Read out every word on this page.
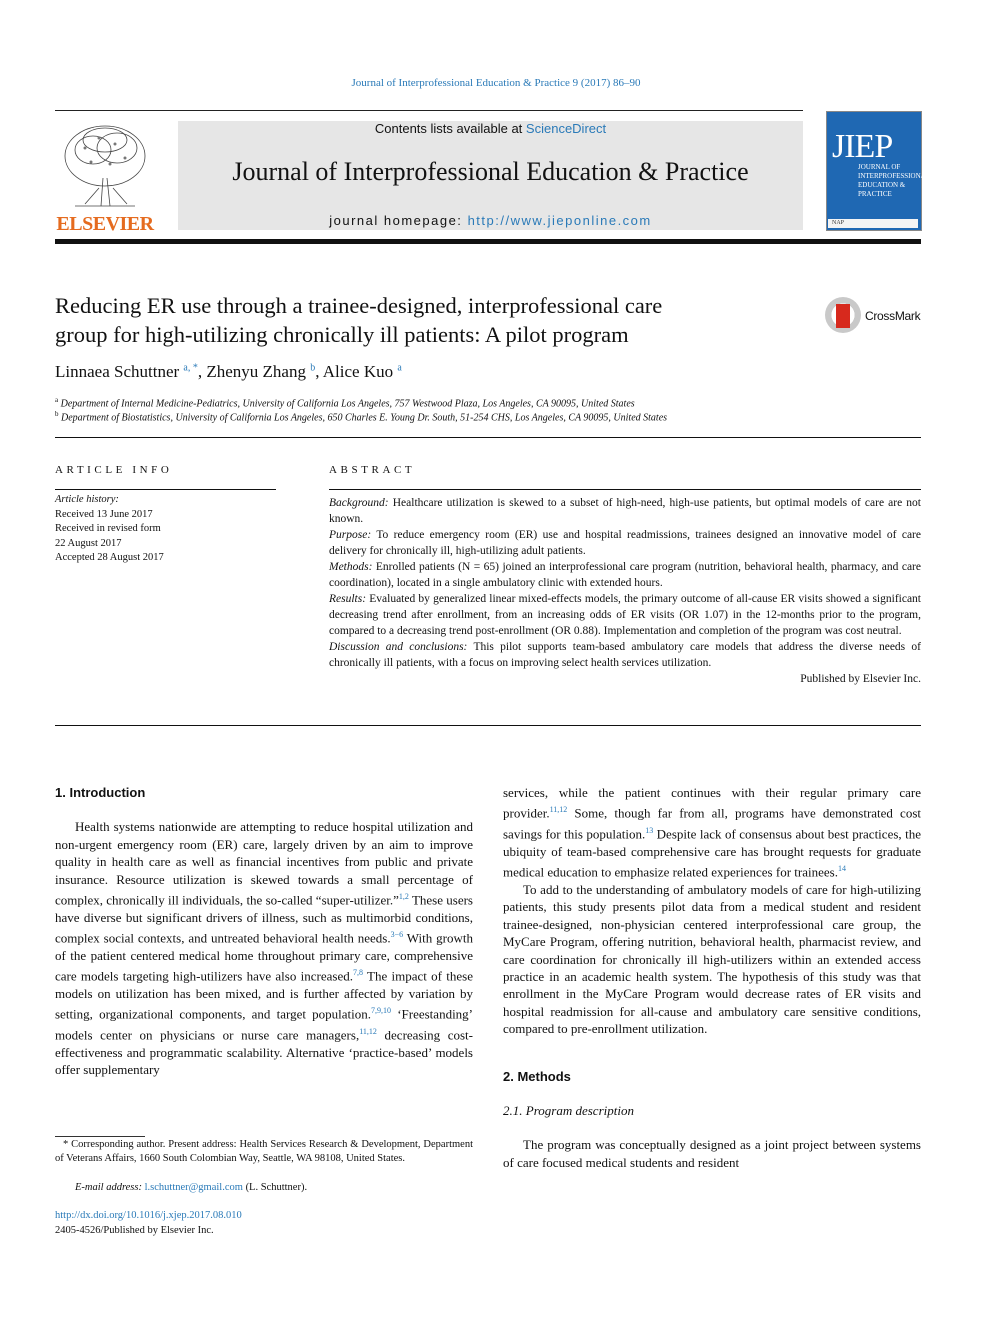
Journal of Interprofessional Education & Practice 9 (2017) 86–90
ELSEVIER
Contents lists available at ScienceDirect
Journal of Interprofessional Education & Practice
journal homepage: http://www.jieponline.com
JIEP
JOURNAL OF
INTERPROFESSIONAL
EDUCATION &
PRACTICE
NAP
Reducing ER use through a trainee-designed, interprofessional care
group for high-utilizing chronically ill patients: A pilot program
CrossMark
Linnaea Schuttner $^{a, *}$, Zhenyu Zhang $^b$, Alice Kuo $^a$
$^a$ Department of Internal Medicine-Pediatrics, University of California Los Angeles, 757 Westwood Plaza, Los Angeles, CA 90095, United States
$^b$ Department of Biostatistics, University of California Los Angeles, 650 Charles E. Young Dr. South, 51-254 CHS, Los Angeles, CA 90095, United States
ARTICLE INFO
Article history:
Received 13 June 2017
Received in revised form
22 August 2017
Accepted 28 August 2017
ABSTRACT

Background: Healthcare utilization is skewed to a subset of high-need, high-use patients, but optimal models of care are not known.

Purpose: To reduce emergency room (ER) use and hospital readmissions, trainees designed an innovative model of care delivery for chronically ill, high-utilizing adult patients.

Methods: Enrolled patients (N = 65) joined an interprofessional care program (nutrition, behavioral health, pharmacy, and care coordination), located in a single ambulatory clinic with extended hours.

Results: Evaluated by generalized linear mixed-effects models, the primary outcome of all-cause ER visits showed a significant decreasing trend after enrollment, from an increasing odds of ER visits (OR 1.07) in the 12-months prior to the program, compared to a decreasing trend post-enrollment (OR 0.88). Implementation and completion of the program was cost neutral.

Discussion and conclusions: This pilot supports team-based ambulatory care models that address the diverse needs of chronically ill patients, with a focus on improving select health services utilization.

Published by Elsevier Inc.

1. Introduction

Health systems nationwide are attempting to reduce hospital utilization and non-urgent emergency room (ER) care, largely driven by an aim to improve quality in health care as well as financial incentives from public and private insurance. Resource utilization is skewed towards a small percentage of complex, chronically ill individuals, the so-called “super-utilizer.”$^{1,2}$ These users have diverse but significant drivers of illness, such as multimorbid conditions, complex social contexts, and untreated behavioral health needs.$^{3-6}$ With growth of the patient centered medical home throughout primary care, comprehensive care models targeting high-utilizers have also increased.$^{7,8}$ The impact of these models on utilization has been mixed, and is further affected by variation by setting, organizational components, and target population.$^{7,9,10}$ ‘Freestanding’ models center on physicians or nurse care managers,$^{11,12}$ decreasing cost-effectiveness and programmatic scalability. Alternative ‘practice-based’ models offer supplementary

services, while the patient continues with their regular primary care provider.$^{11,12}$ Some, though far from all, programs have demonstrated cost savings for this population.$^{13}$ Despite lack of consensus about best practices, the ubiquity of team-based comprehensive care has brought requests for graduate medical education to emphasize related experiences for trainees.$^{14}$

To add to the understanding of ambulatory models of care for high-utilizing patients, this study presents pilot data from a medical student and resident trainee-designed, non-physician centered interprofessional care group, the MyCare Program, offering nutrition, behavioral health, pharmacist review, and care coordination for chronically ill high-utilizers within an extended access practice in an academic health system. The hypothesis of this study was that enrollment in the MyCare Program would decrease rates of ER visits and hospital readmission for all-cause and ambulatory care sensitive conditions, compared to pre-enrollment utilization.

2. Methods

2.1. Program description

The program was conceptually designed as a joint project between systems of care focused medical students and resident

* Corresponding author. Present address: Health Services Research & Development, Department of Veterans Affairs, 1660 South Colombian Way, Seattle, WA 98108, United States.
E-mail address: l.schuttner@gmail.com (L. Schuttner).
http://dx.doi.org/10.1016/j.xjep.2017.08.010
2405-4526/Published by Elsevier Inc.
